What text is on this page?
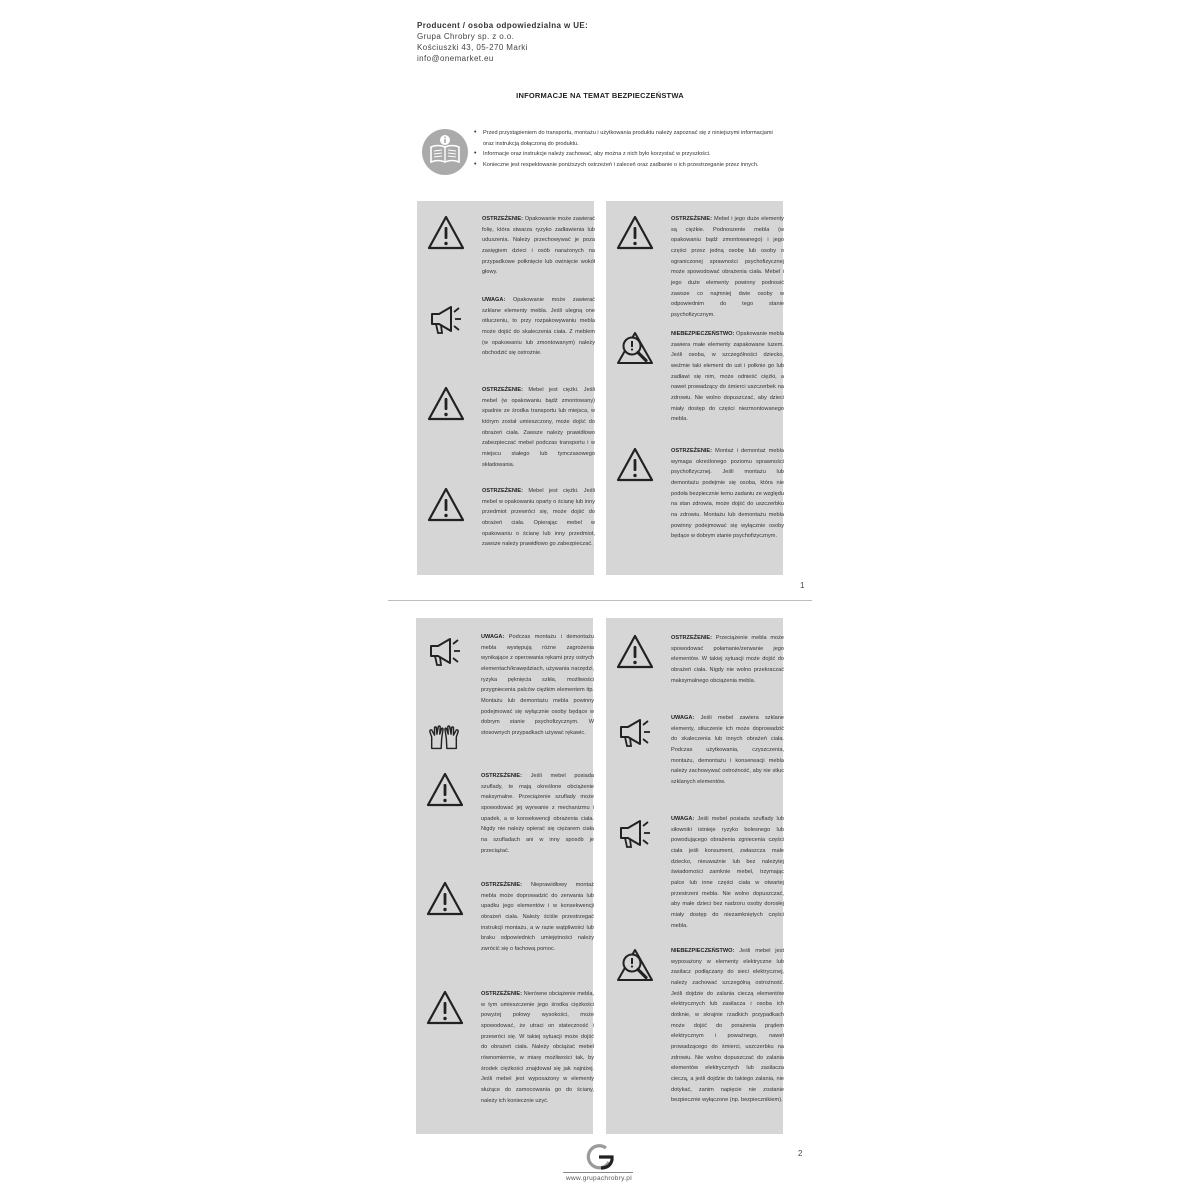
Producent / osoba odpowiedzialna w UE:
Grupa Chrobry sp. z o.o.
Kościuszki 43, 05-270 Marki
info@onemarket.eu
INFORMACJE NA TEMAT BEZPIECZEŃSTWA
• Przed przystąpieniem do transportu, montażu i użytkowania produktu należy zapoznać się z niniejszymi informacjami oraz instrukcją dołączoną do produktu.
• Informacje oraz instrukcje należy zachować, aby można z nich było korzystać w przyszłości.
• Konieczne jest respektowanie poniższych ostrzeżeń i zaleceń oraz zadbanie o ich przestrzeganie przez innych.
OSTRZEŻENIE: Opakowanie może zawierać folię, która stwarza ryzyko zadławienia lub uduszenia. Należy przechowywać je poza zasięgiem dzieci i osób narażonych na przypadkowe połknięcie lub owinięcie wokół głowy.
UWAGA: Opakowanie może zawierać szklane elementy mebla. Jeśli ulegną one otłuczeniu, to przy rozpakowywaniu mebla może dojść do skaleczenia ciała. Z meblem (w opakowaniu lub zmontowanym) należy obchodzić się ostrożnie.
OSTRZEŻENIE: Mebel jest ciężki. Jeśli mebel (w opakowaniu bądź zmontowany) spadnie ze środka transportu lub miejsca, w którym został umieszczony, może dojść do obrażeń ciała. Zawsze należy prawidłowo zabezpieczać mebel podczas transportu i w miejscu stałego lub tymczasowego składowania.
OSTRZEŻENIE: Mebel jest ciężki. Jeśli mebel w opakowaniu oparty o ścianę lub inny przedmiot przewróci się, może dojść do obrażeń ciała. Opierając mebel w opakowaniu o ścianę lub inny przedmiot, zawsze należy prawidłowo go zabezpieczać.
OSTRZEŻENIE: Mebel i jego duże elementy są ciężkie. Podnoszenie mebla (w opakowaniu bądź zmontowanego) i jego części przez jedną osobę lub osoby o ograniczonej sprawności psychofizycznej może spowodować obrażenia ciała. Mebel i jego duże elementy powinny podnosić zawsze co najmniej dwie osoby w odpowiednim do tego stanie psychofizycznym.
NIEBEZPIECZEŃSTWO: Opakowanie mebla zawiera małe elementy zapakowane luzem. Jeśli osoba, w szczególności dziecko, weźmie taki element do ust i połknie go lub zadławi się nim, może odnieść ciężki, a nawet prowadzący do śmierci uszczerbek na zdrowiu. Nie wolno dopuszczać, aby dzieci miały dostęp do części niezmontowanego mebla.
OSTRZEŻENIE: Montaż i demontaż mebla wymaga określonego poziomu sprawności psychofizycznej. Jeśli montażu lub demontażu podejmie się osoba, która nie podoła bezpiecznie temu zadaniu ze względu na stan zdrowia, może dojść do uszczerbku na zdrowiu. Montażu lub demontażu mebla powinny podejmować się wyłącznie osoby będące w dobrym stanie psychofizycznym.
1
UWAGA: Podczas montażu i demontażu mebla występują różne zagrożenia wynikające z operowania rękami przy ostrych elementach/krawędziach, używania narzędzi, ryzyka pęknięcia szkła, możliwości przygniecenia palców ciężkim elementem itp. Montażu lub demontażu mebla powinny podejmować się wyłącznie osoby będące w dobrym stanie psychofizycznym. W stosownych przypadkach używać rękawic.
OSTRZEŻENIE: Jeśli mebel posiada szuflady, te mają określone obciążenie maksymalne. Przeciążenie szuflady może spowodować jej wyrwanie z mechanizmu i upadek, a w konsekwencji obrażenia ciała. Nigdy nie należy opierać się ciężarem ciała na szufladach ani w inny sposób je przeciążać.
OSTRZEŻENIE: Nieprawidłowy montaż mebla może doprowadzić do zerwania lub upadku jego elementów i w konsekwencji obrażeń ciała. Należy ściśle przestrzegać instrukcji montażu, a w razie wątpliwości lub braku odpowiednich umiejętności należy zwrócić się o fachową pomoc.
OSTRZEŻENIE: Nierówne obciążenie mebla, w tym umieszczenie jego środka ciężkości powyżej połowy wysokości, może spowodować, że utraci on stateczność i przewróci się. W takiej sytuacji może dojść do obrażeń ciała. Należy obciążać mebel równomiernie, w miarę możliwości tak, by środek ciężkości znajdował się jak najniżej. Jeśli mebel jest wyposażony w elementy służące do zamocowania go do ściany, należy ich koniecznie użyć.
OSTRZEŻENIE: Przeciążenie mebla może spowodować połamanie/zerwanie jego elementów. W takiej sytuacji może dojść do obrażeń ciała. Nigdy nie wolno przekraczać maksymalnego obciążenia mebla.
UWAGA: Jeśli mebel zawiera szklane elementy, stłuczenie ich może doprowadzić do skaleczenia lub innych obrażeń ciała. Podczas użytkowania, czyszczenia, montażu, demontażu i konserwacji mebla należy zachowywać ostrożność, aby nie stłuc szklanych elementów.
UWAGA: Jeśli mebel posiada szuflady lub siłowniki istnieje ryzyko bolesnego lub powodującego obrażenia zgniecenia części ciała jeśli konsument, zwłaszcza małe dziecko, nieuważnie lub bez należytej świadomości zamknie mebel, trzymając palce lub inne części ciała w otwartej przestrzeni mebla. Nie wolno dopuszczać, aby małe dzieci bez nadzoru osoby dorosłej miały dostęp do niezamkniętych części mebla.
NIEBEZPIECZEŃSTWO: Jeśli mebel jest wyposażony w elementy elektryczne lub zasilacz podłączany do sieci elektrycznej, należy zachować szczególną ostrożność. Jeśli dojdzie do zalania cieczą elementów elektrycznych lub zasilacza i osoba ich dotknie, w skrajnie rzadkich przypadkach może dojść do porażenia prądem elektrycznym i poważnego, nawet prowadzącego do śmierci, uszczerbku na zdrowiu. Nie wolno dopuszczać do zalania elementów elektrycznych lub zasilacza cieczą, a jeśli dojdzie do takiego zalania, nie dotykać, zanim napięcie nie zostanie bezpiecznie wyłączone (np. bezpiecznikiem).
www.grupachrobry.pl
2
